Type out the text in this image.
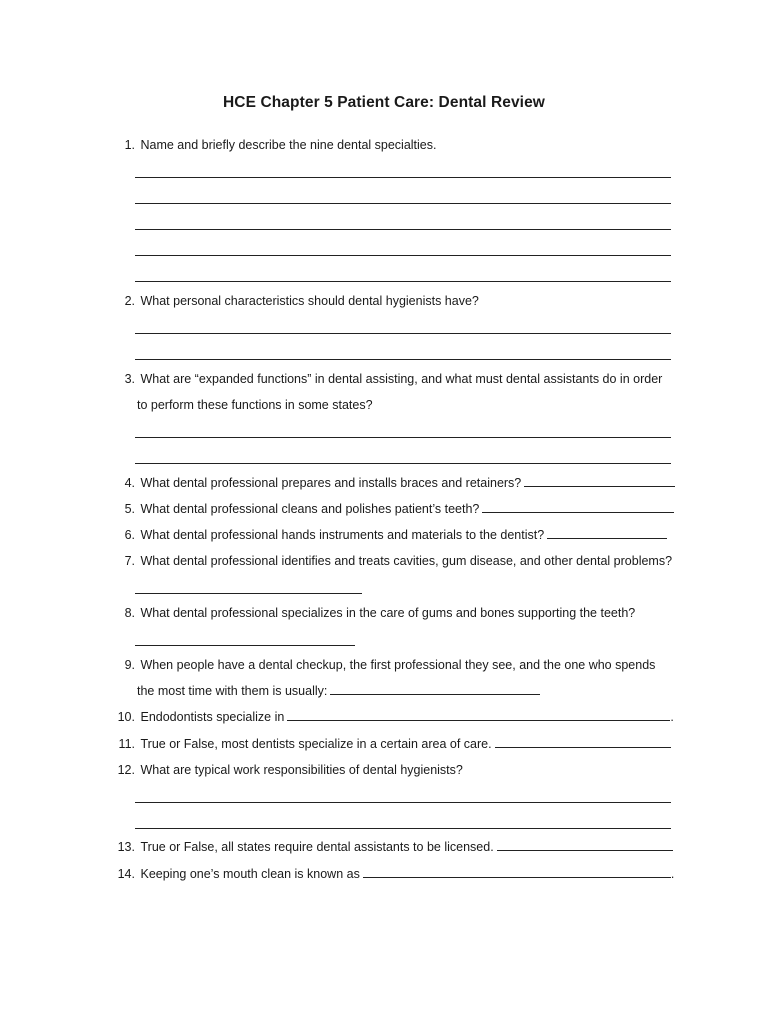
HCE Chapter 5 Patient Care: Dental Review
1. Name and briefly describe the nine dental specialties.
2. What personal characteristics should dental hygienists have?
3. What are “expanded functions” in dental assisting, and what must dental assistants do in order
to perform these functions in some states?
4. What dental professional prepares and installs braces and retainers?
5. What dental professional cleans and polishes patient’s teeth?
6. What dental professional hands instruments and materials to the dentist?
7. What dental professional identifies and treats cavities, gum disease, and other dental problems?
8. What dental professional specializes in the care of gums and bones supporting the teeth?
9. When people have a dental checkup, the first professional they see, and the one who spends
the most time with them is usually:
10. Endodontists specialize in	.
11. True or False, most dentists specialize in a certain area of care.
12. What are typical work responsibilities of dental hygienists?
13. True or False, all states require dental assistants to be licensed.
14. Keeping one’s mouth clean is known as	.
